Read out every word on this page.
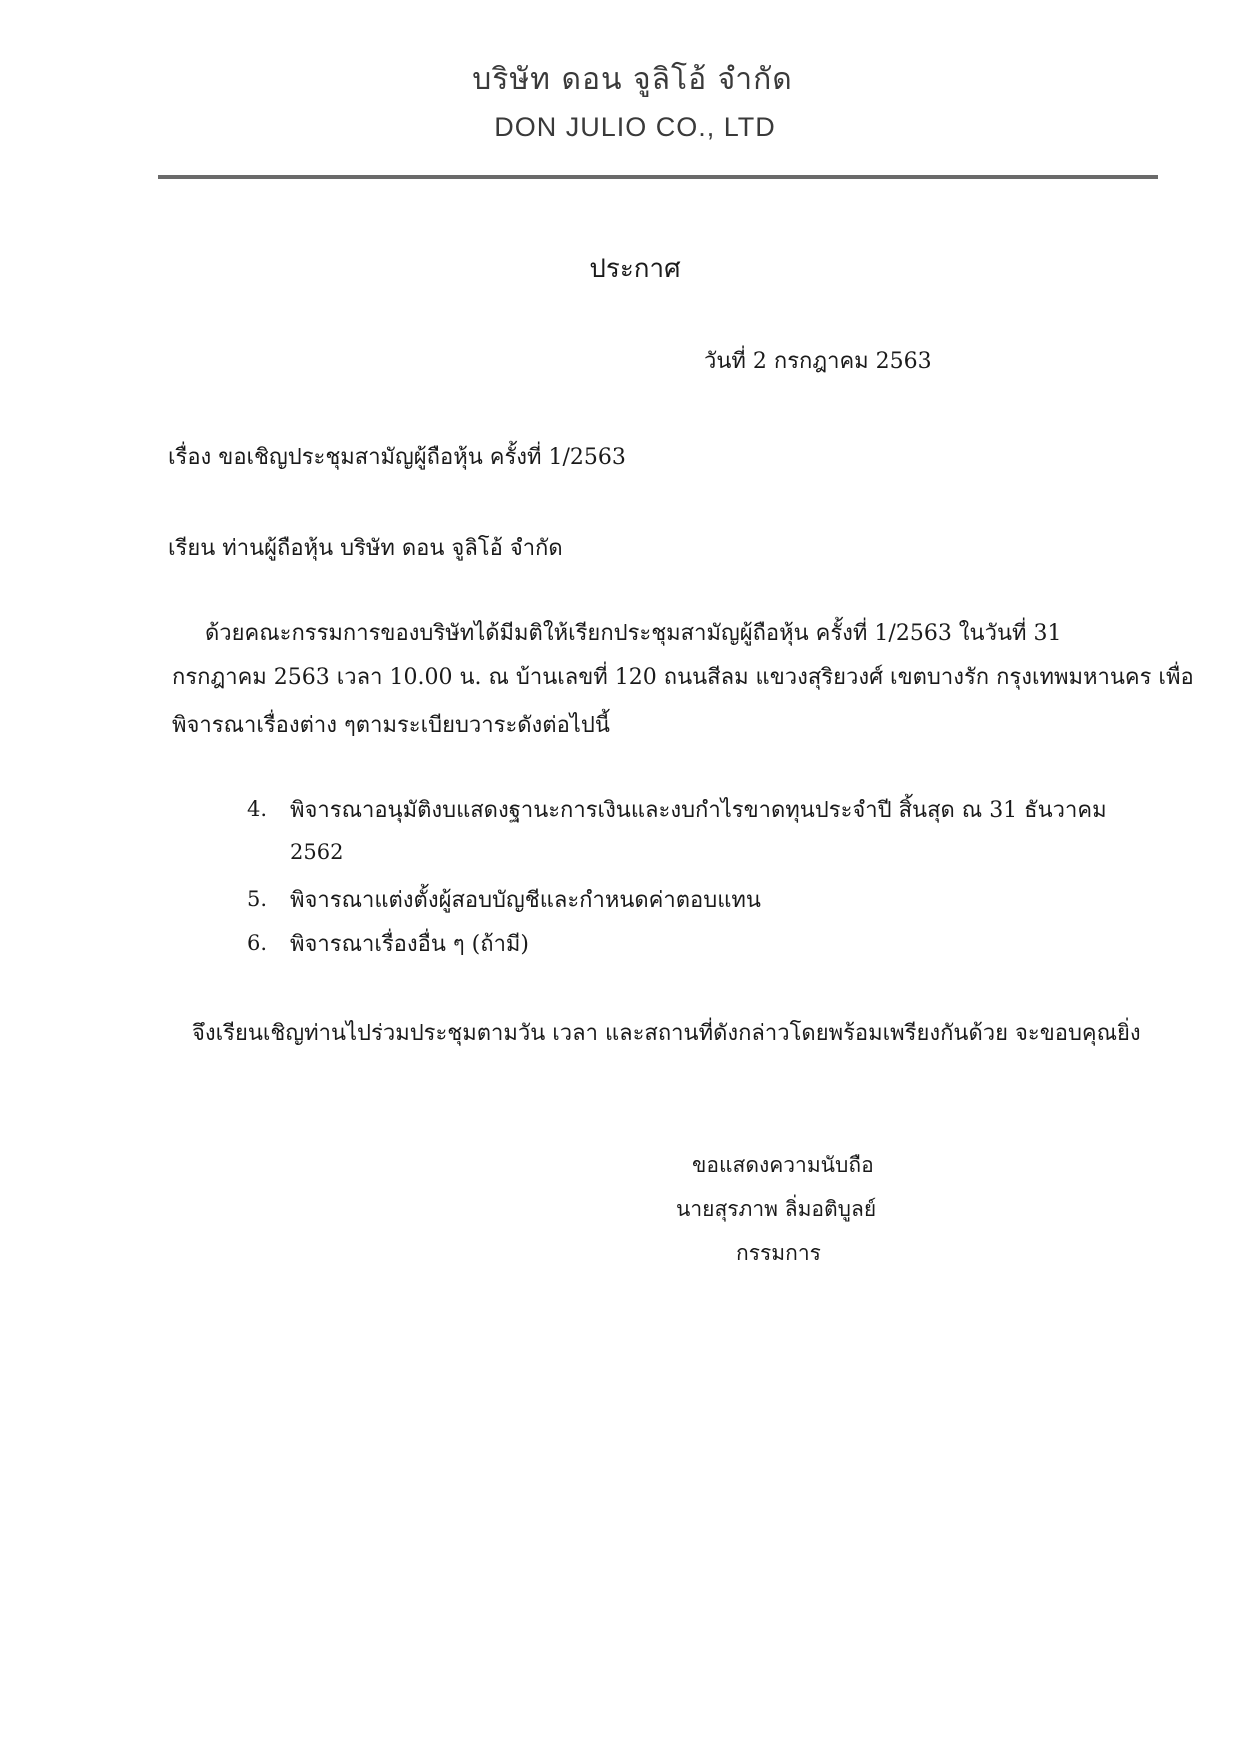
บริษัท ดอน จูลิโอ้ จำกัด
DON JULIO CO., LTD
ประกาศ
วันที่ 2 กรกฎาคม 2563
เรื่อง ขอเชิญประชุมสามัญผู้ถือหุ้น ครั้งที่ 1/2563
เรียน ท่านผู้ถือหุ้น บริษัท ดอน จูลิโอ้ จำกัด
ด้วยคณะกรรมการของบริษัทได้มีมติให้เรียกประชุมสามัญผู้ถือหุ้น ครั้งที่ 1/2563 ในวันที่ 31
กรกฎาคม 2563 เวลา 10.00 น. ณ บ้านเลขที่ 120 ถนนสีลม แขวงสุริยวงศ์ เขตบางรัก กรุงเทพมหานคร เพื่อ
พิจารณาเรื่องต่าง ๆตามระเบียบวาระดังต่อไปนี้
4. พิจารณาอนุมัติงบแสดงฐานะการเงินและงบกำไรขาดทุนประจำปี สิ้นสุด ณ 31 ธันวาคม
2562
5. พิจารณาแต่งตั้งผู้สอบบัญชีและกำหนดค่าตอบแทน
6. พิจารณาเรื่องอื่น ๆ (ถ้ามี)
จึงเรียนเชิญท่านไปร่วมประชุมตามวัน เวลา และสถานที่ดังกล่าวโดยพร้อมเพรียงกันด้วย จะขอบคุณยิ่ง
ขอแสดงความนับถือ
นายสุรภาพ ลิ่มอติบูลย์
กรรมการ
